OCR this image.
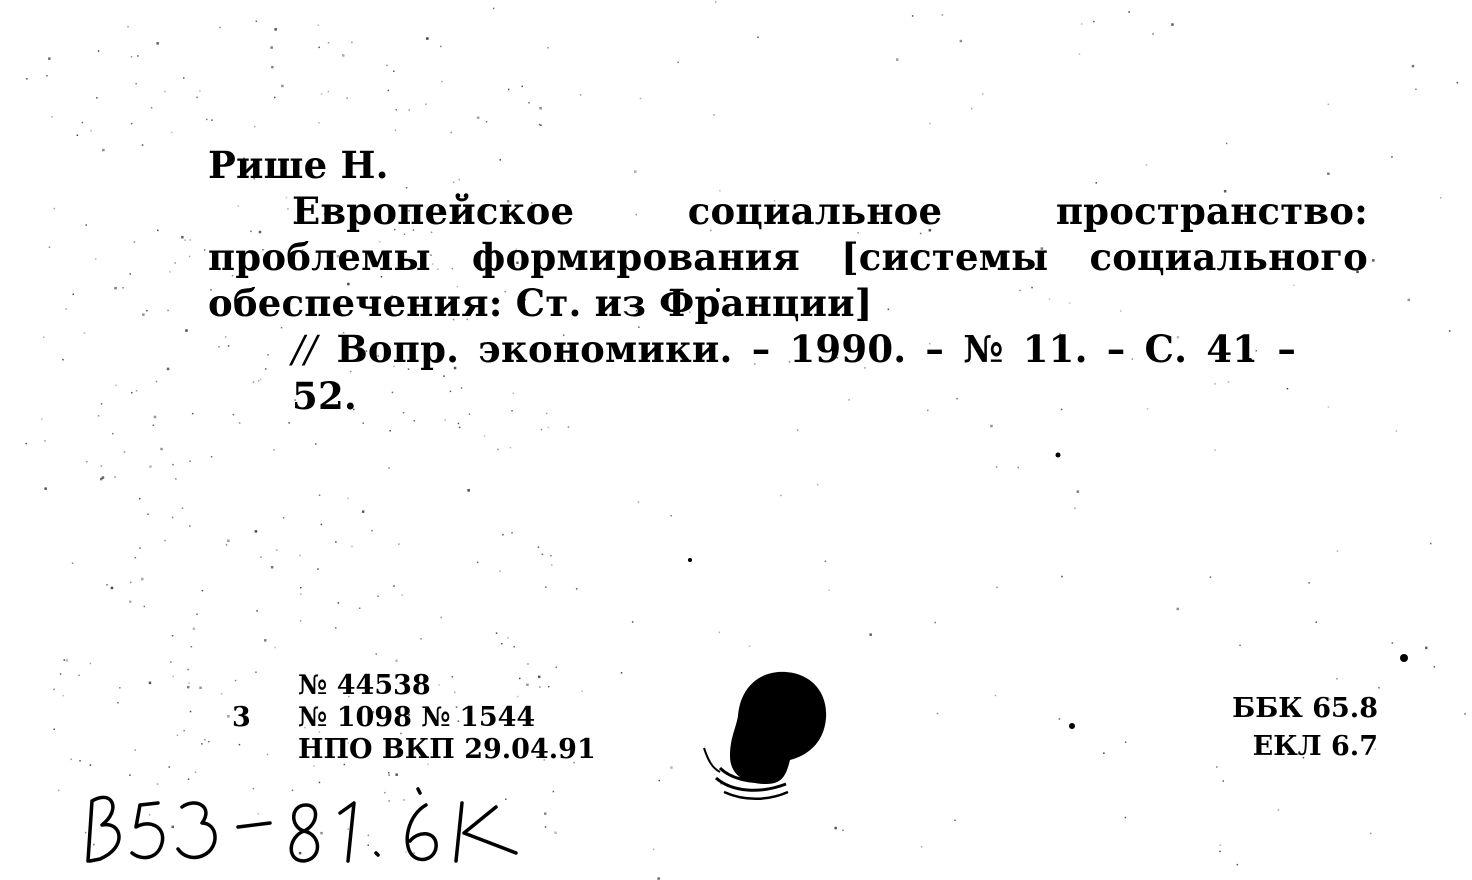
Рише Н.
Европейское социальное пространство: проблемы формирования [системы социального обеспечения: Ст. из Франции]
// Вопр. экономики. – 1990. – № 11. – С. 41 – 52.
№ 44538
3 № 1098 № 1544
НПО ВКП 29.04.91
ББК 65.8
ЕКЛ 6.7
